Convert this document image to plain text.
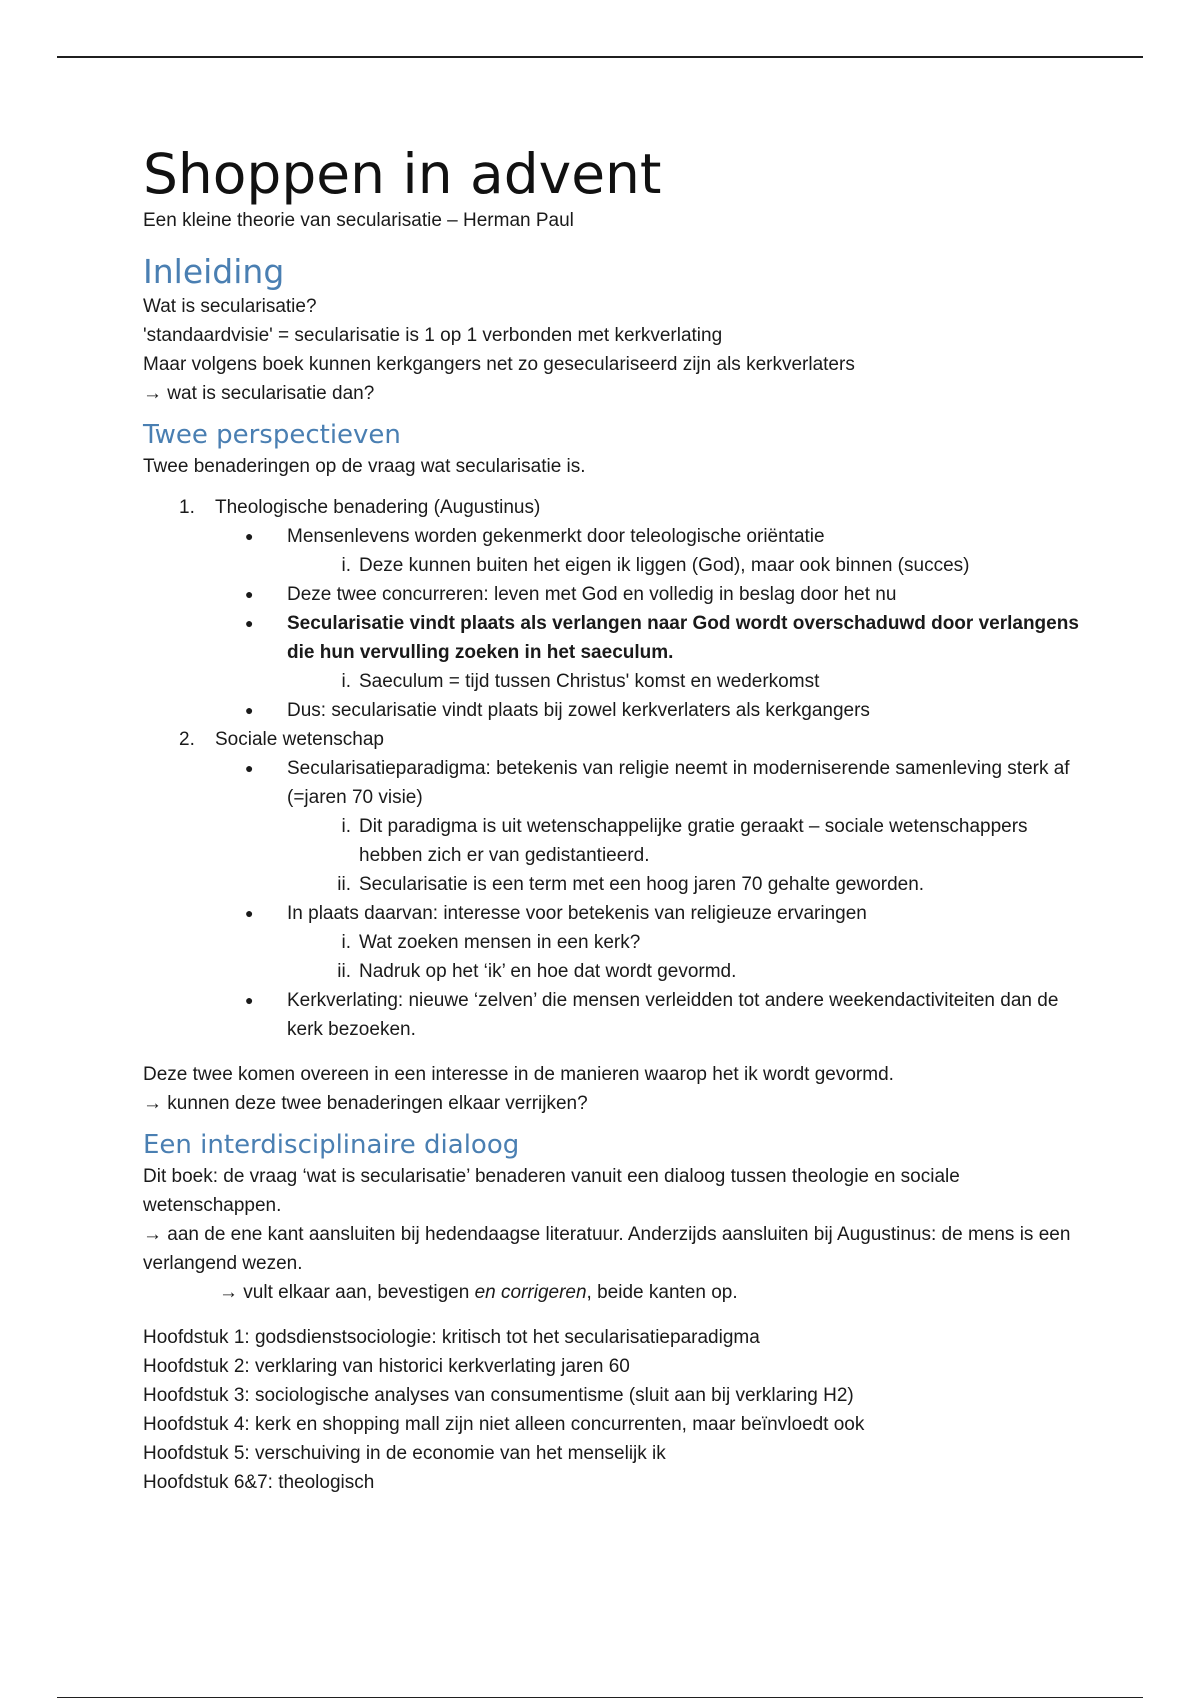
Shoppen in advent

Een kleine theorie van secularisatie – Herman Paul

Inleiding

Wat is secularisatie?

'standaardvisie' = secularisatie is 1 op 1 verbonden met kerkverlating

Maar volgens boek kunnen kerkgangers net zo geseculariseerd zijn als kerkverlaters

→ wat is secularisatie dan?

Twee perspectieven

Twee benaderingen op de vraag wat secularisatie is.

1.	Theologische benadering (Augustinus)
● Mensenlevens worden gekenmerkt door teleologische oriëntatie
i. Deze kunnen buiten het eigen ik liggen (God), maar ook binnen (succes)
● Deze twee concurreren: leven met God en volledig in beslag door het nu
● Secularisatie vindt plaats als verlangen naar God wordt overschaduwd door verlangens die hun vervulling zoeken in het saeculum.
i. Saeculum = tijd tussen Christus' komst en wederkomst
● Dus: secularisatie vindt plaats bij zowel kerkverlaters als kerkgangers
2.	Sociale wetenschap
● Secularisatieparadigma: betekenis van religie neemt in moderniserende samenleving sterk af (=jaren 70 visie)
i. Dit paradigma is uit wetenschappelijke gratie geraakt – sociale wetenschappers hebben zich er van gedistantieerd.
ii. Secularisatie is een term met een hoog jaren 70 gehalte geworden.
● In plaats daarvan: interesse voor betekenis van religieuze ervaringen
i. Wat zoeken mensen in een kerk?
ii. Nadruk op het ‘ik’ en hoe dat wordt gevormd.
● Kerkverlating: nieuwe ‘zelven’ die mensen verleidden tot andere weekendactiviteiten dan de kerk bezoeken.

Deze twee komen overeen in een interesse in de manieren waarop het ik wordt gevormd.

→ kunnen deze twee benaderingen elkaar verrijken?

Een interdisciplinaire dialoog

Dit boek: de vraag ‘wat is secularisatie’ benaderen vanuit een dialoog tussen theologie en sociale wetenschappen.

→ aan de ene kant aansluiten bij hedendaagse literatuur. Anderzijds aansluiten bij Augustinus: de mens is een verlangend wezen.

→ vult elkaar aan, bevestigen en corrigeren, beide kanten op.

Hoofdstuk 1: godsdienstsociologie: kritisch tot het secularisatieparadigma

Hoofdstuk 2: verklaring van historici kerkverlating jaren 60

Hoofdstuk 3: sociologische analyses van consumentisme (sluit aan bij verklaring H2)

Hoofdstuk 4: kerk en shopping mall zijn niet alleen concurrenten, maar beïnvloedt ook

Hoofdstuk 5: verschuiving in de economie van het menselijk ik

Hoofdstuk 6&7: theologisch
